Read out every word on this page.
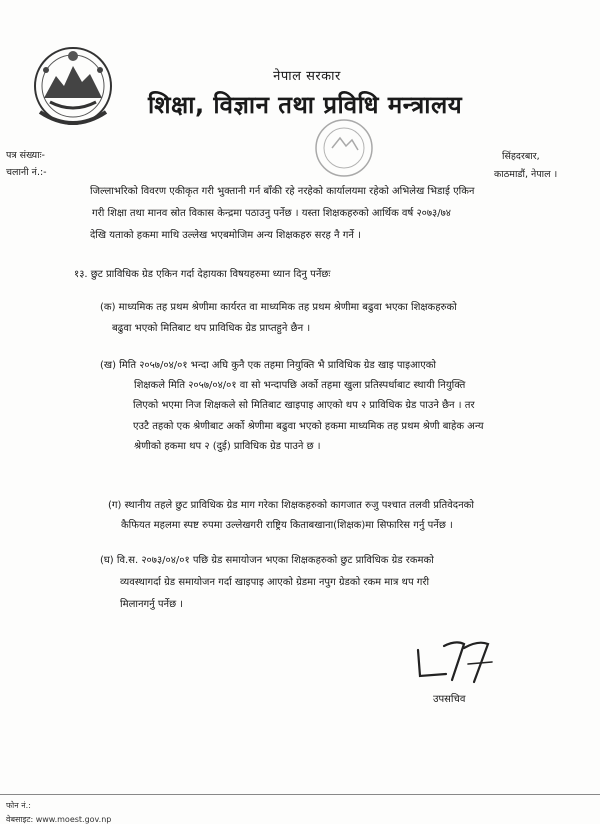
नेपाल सरकार
शिक्षा, विज्ञान तथा प्रविधि मन्त्रालय
पत्र संख्याः-
चलानी नं.:-
सिंहदरबार,
काठमाडौं, नेपाल ।
जिल्लाभरिको विवरण एकीकृत गरी भुक्तानी गर्न बाँकी रहे नरहेको कार्यालयमा रहेको अभिलेख भिडाई एकिन
गरी शिक्षा तथा मानव स्रोत विकास केन्द्रमा पठाउनु पर्नेछ । यस्ता शिक्षकहरुको आर्थिक वर्ष २०७३/७४
देखि यताको हकमा माथि उल्लेख भएबमोजिम अन्य शिक्षकहरु सरह नै गर्ने ।
१३. छुट प्राविधिक ग्रेड एकिन गर्दा देहायका विषयहरुमा ध्यान दिनु पर्नेछः
(क) माध्यमिक तह प्रथम श्रेणीमा कार्यरत वा माध्यमिक तह प्रथम श्रेणीमा बढुवा भएका शिक्षकहरुको
बढुवा भएको मितिबाट थप प्राविधिक ग्रेड प्राप्तहुने छैन ।
(ख) मिति २०५७/०४/०१ भन्दा अघि कुनै एक तहमा नियुक्ति भै प्राविधिक ग्रेड खाइ पाइआएको
शिक्षकले मिति २०५७/०४/०१ वा सो भन्दापछि अर्को तहमा खुला प्रतिस्पर्धाबाट स्थायी नियुक्ति
लिएको भएमा निज शिक्षकले सो मितिबाट खाइपाइ आएको थप २ प्राविधिक ग्रेड पाउने छैन । तर
एउटै तहको एक श्रेणीबाट अर्को श्रेणीमा बढुवा भएको हकमा माध्यमिक तह प्रथम श्रेणी बाहेक अन्य
श्रेणीको हकमा थप २ (दुई) प्राविधिक ग्रेड पाउने छ ।
(ग) स्थानीय तहले छुट प्राविधिक ग्रेड माग गरेका शिक्षकहरुको कागजात रुजु पश्चात तलवी प्रतिवेदनको
कैफियत महलमा स्पष्ट रुपमा उल्लेखगरी राष्ट्रिय किताबखाना(शिक्षक)मा सिफारिस गर्नु पर्नेछ ।
(घ) वि.स. २०७३/०४/०१ पछि ग्रेड समायोजन भएका शिक्षकहरुको छुट प्राविधिक ग्रेड रकमको
व्यवस्थागर्दा ग्रेड समायोजन गर्दा खाइपाइ आएको ग्रेडमा नपुग ग्रेडको रकम मात्र थप गरी
मिलानगर्नु पर्नेछ ।
उपसचिव
फोन नं.:
वेबसाइट: www.moest.gov.np
